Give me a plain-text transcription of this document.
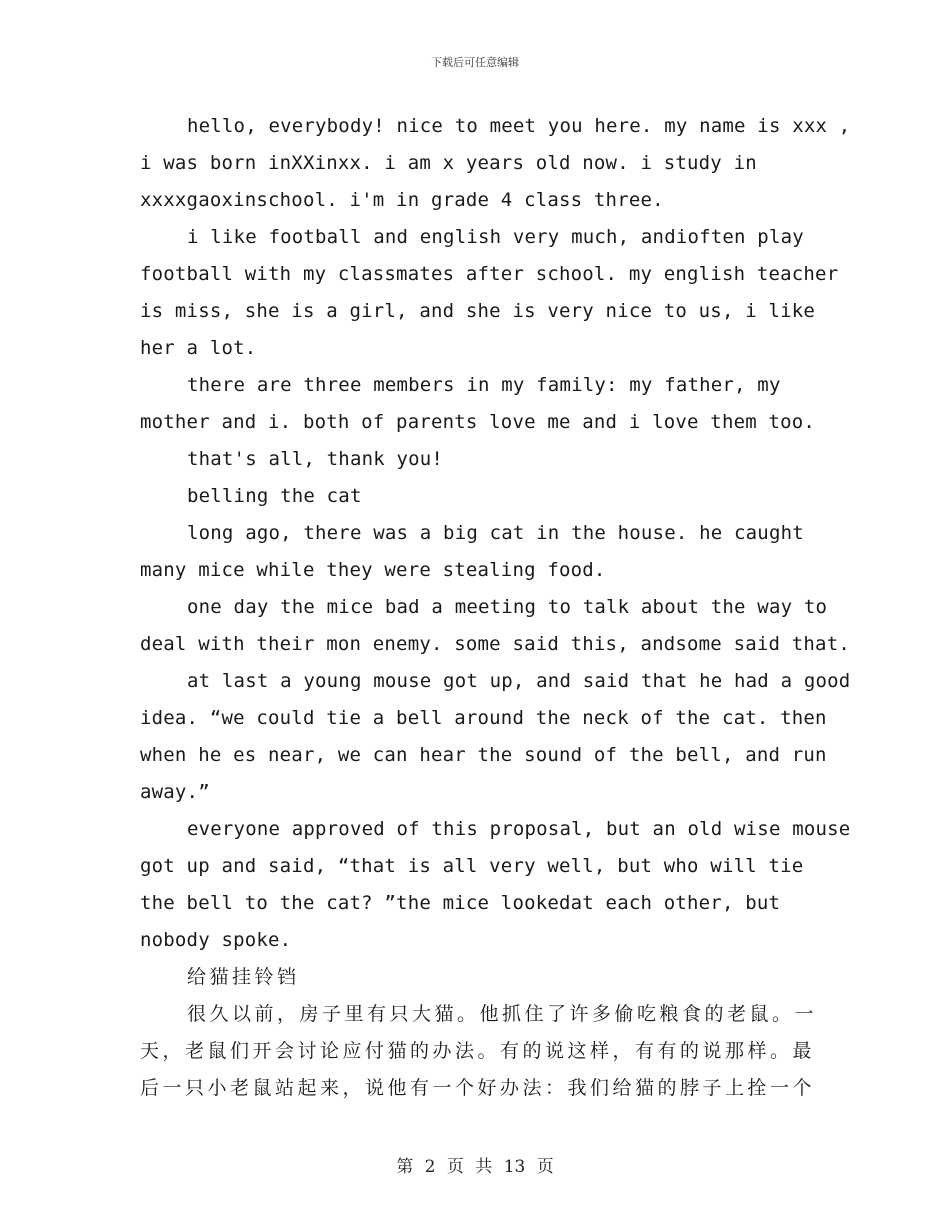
下载后可任意编辑
hello, everybody! nice to meet you here. my name is xxx ,
i was born inXXinxx. i am x years old now. i study in
xxxxgaoxinschool. i'm in grade 4 class three.
i like football and english very much, andioften play
football with my classmates after school. my english teacher
is miss, she is a girl, and she is very nice to us, i like
her a lot.
there are three members in my family: my father, my
mother and i. both of parents love me and i love them too.
that's all, thank you!
belling the cat
long ago, there was a big cat in the house. he caught
many mice while they were stealing food.
one day the mice bad a meeting to talk about the way to
deal with their mon enemy. some said this, andsome said that.
at last a young mouse got up, and said that he had a good
idea. “we could tie a bell around the neck of the cat. then
when he es near, we can hear the sound of the bell, and run
away.”
everyone approved of this proposal, but an old wise mouse
got up and said, “that is all very well, but who will tie
the bell to the cat? ”the mice lookedat each other, but
nobody spoke.
给猫挂铃铛
很久以前，房子里有只大猫。他抓住了许多偷吃粮食的老鼠。一
天，老鼠们开会讨论应付猫的办法。有的说这样，有有的说那样。最
后一只小老鼠站起来，说他有一个好办法：我们给猫的脖子上拴一个
第 2 页 共 13 页
